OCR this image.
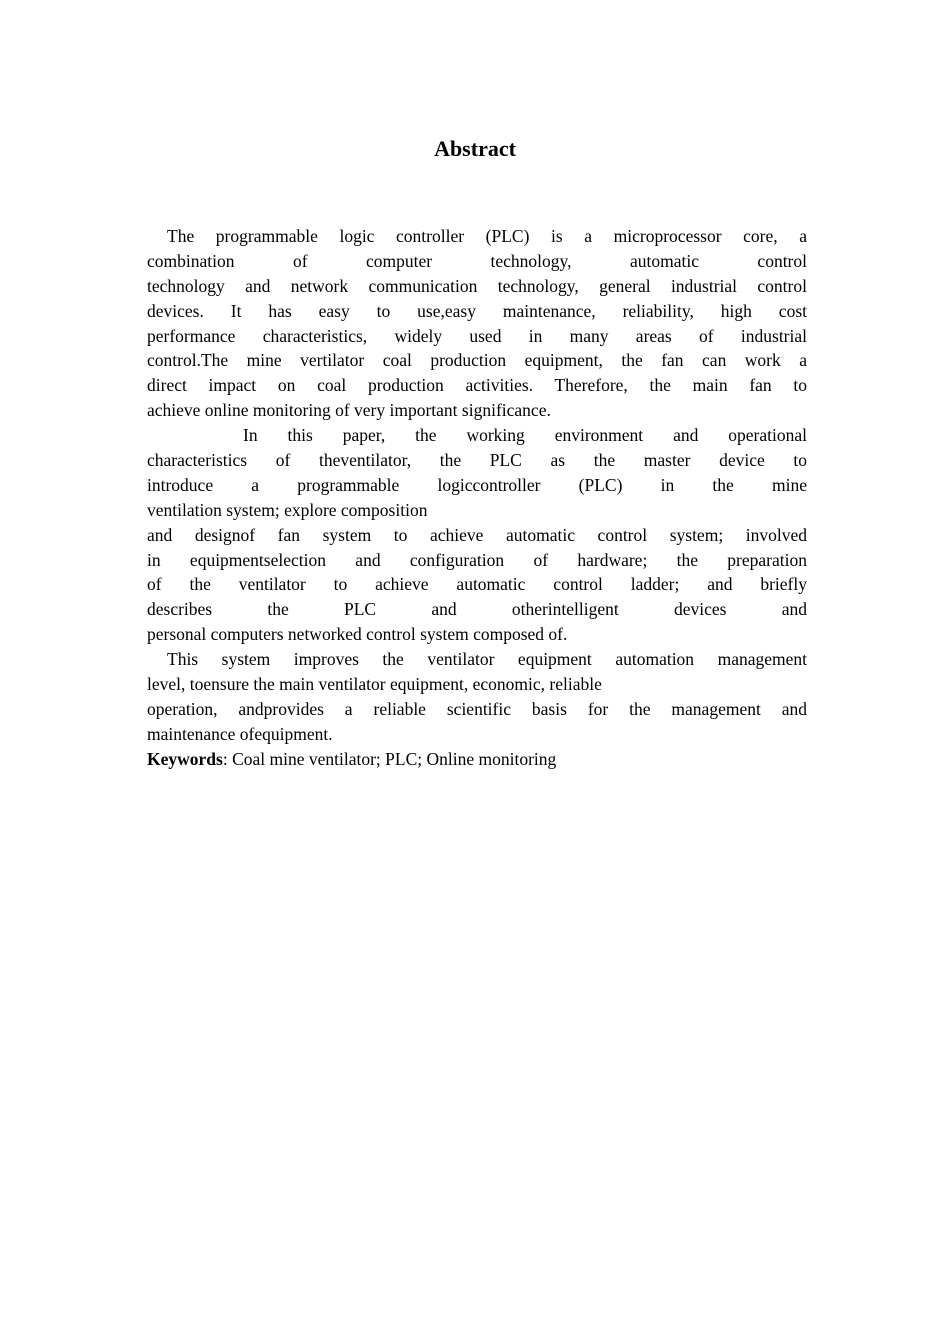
Abstract
The programmable logic controller (PLC) is a microprocessor core, a
combination of computer technology, automatic control
technology and network communication technology, general industrial control
devices. It has easy to use,easy maintenance, reliability, high cost
performance characteristics, widely used in many areas of industrial
control.The mine vertilator coal production equipment, the fan can work a
direct impact on coal production activities. Therefore, the main fan to
achieve online monitoring of very important significance.
In this paper, the working environment and operational
characteristics of theventilator, the PLC as the master device to
introduce a programmable logiccontroller (PLC) in the mine
ventilation system; explore composition
and designof fan system to achieve automatic control system; involved
in equipmentselection and configuration of hardware; the preparation
of the ventilator to achieve automatic control ladder; and briefly
describes the PLC and otherintelligent devices and
personal computers networked control system composed of.
This system improves the ventilator equipment automation management
level, toensure the main ventilator equipment, economic, reliable
operation, andprovides a reliable scientific basis for the management and
maintenance ofequipment.
Keywords: Coal mine ventilator; PLC; Online monitoring
